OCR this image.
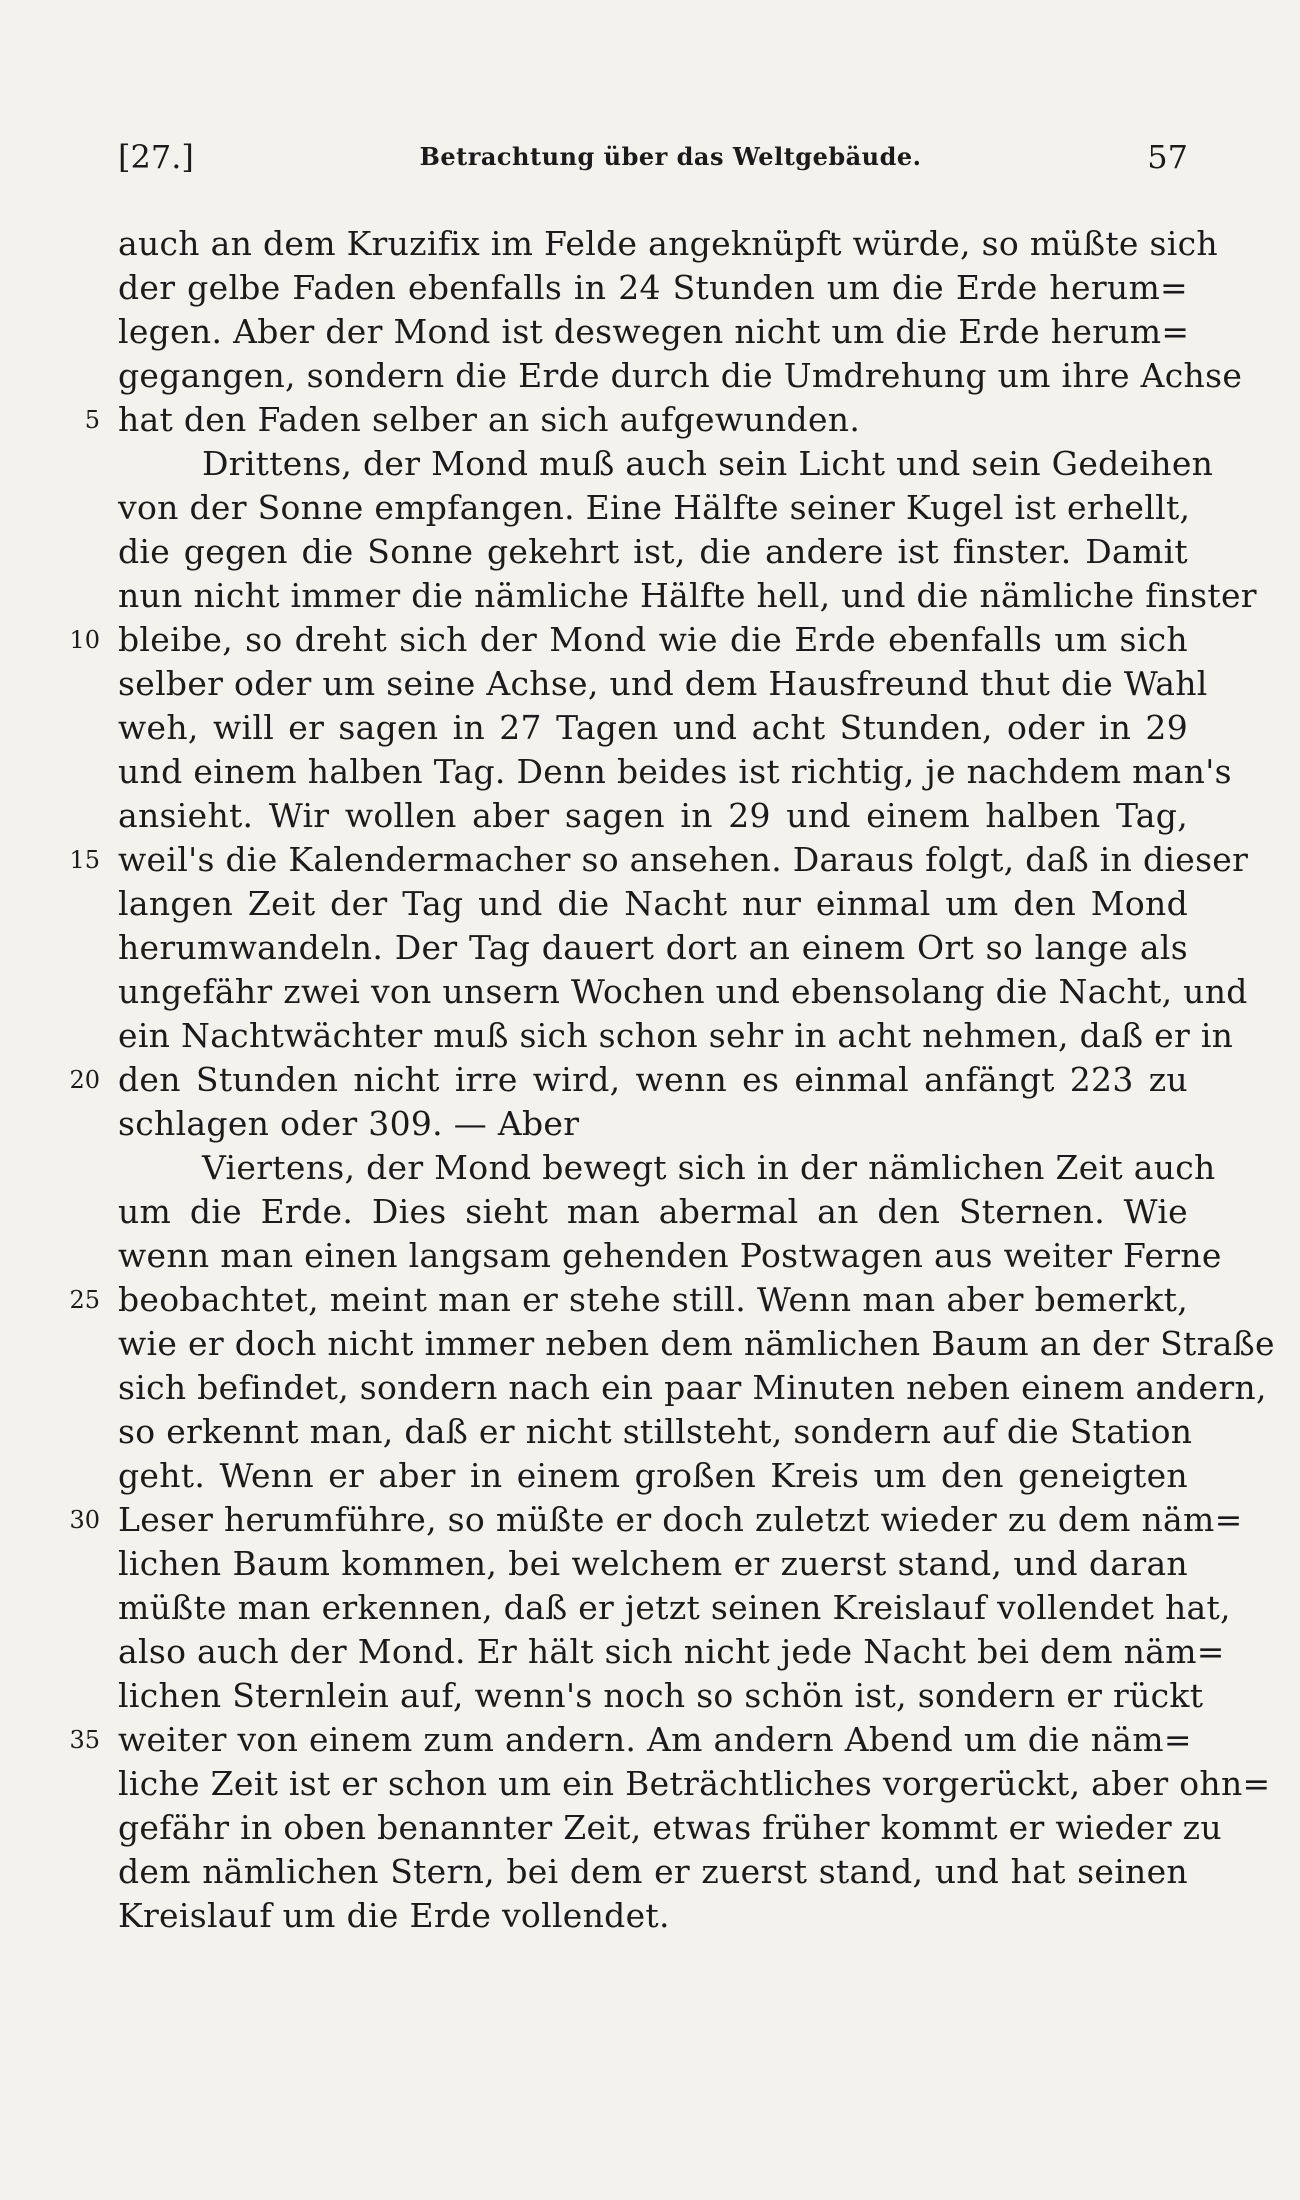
[27.]	Betrachtung über das Weltgebäude.	57
auch an dem Kruzifix im Felde angeknüpft würde, so müßte sich
der gelbe Faden ebenfalls in 24 Stunden um die Erde herum=
legen. Aber der Mond ist deswegen nicht um die Erde herum=
gegangen, sondern die Erde durch die Umdrehung um ihre Achse
5 hat den Faden selber an sich aufgewunden.
Drittens, der Mond muß auch sein Licht und sein Gedeihen
von der Sonne empfangen. Eine Hälfte seiner Kugel ist erhellt,
die gegen die Sonne gekehrt ist, die andere ist finster. Damit
nun nicht immer die nämliche Hälfte hell, und die nämliche finster
10 bleibe, so dreht sich der Mond wie die Erde ebenfalls um sich
selber oder um seine Achse, und dem Hausfreund thut die Wahl
weh, will er sagen in 27 Tagen und acht Stunden, oder in 29
und einem halben Tag. Denn beides ist richtig, je nachdem man's
ansieht. Wir wollen aber sagen in 29 und einem halben Tag,
15 weil's die Kalendermacher so ansehen. Daraus folgt, daß in dieser
langen Zeit der Tag und die Nacht nur einmal um den Mond
herumwandeln. Der Tag dauert dort an einem Ort so lange als
ungefähr zwei von unsern Wochen und ebensolang die Nacht, und
ein Nachtwächter muß sich schon sehr in acht nehmen, daß er in
20 den Stunden nicht irre wird, wenn es einmal anfängt 223 zu
schlagen oder 309. — Aber
Viertens, der Mond bewegt sich in der nämlichen Zeit auch
um die Erde. Dies sieht man abermal an den Sternen. Wie
wenn man einen langsam gehenden Postwagen aus weiter Ferne
25 beobachtet, meint man er stehe still. Wenn man aber bemerkt,
wie er doch nicht immer neben dem nämlichen Baum an der Straße
sich befindet, sondern nach ein paar Minuten neben einem andern,
so erkennt man, daß er nicht stillsteht, sondern auf die Station
geht. Wenn er aber in einem großen Kreis um den geneigten
30 Leser herumführe, so müßte er doch zuletzt wieder zu dem näm=
lichen Baum kommen, bei welchem er zuerst stand, und daran
müßte man erkennen, daß er jetzt seinen Kreislauf vollendet hat,
also auch der Mond. Er hält sich nicht jede Nacht bei dem näm=
lichen Sternlein auf, wenn's noch so schön ist, sondern er rückt
35 weiter von einem zum andern. Am andern Abend um die näm=
liche Zeit ist er schon um ein Beträchtliches vorgerückt, aber ohn=
gefähr in oben benannter Zeit, etwas früher kommt er wieder zu
dem nämlichen Stern, bei dem er zuerst stand, und hat seinen
Kreislauf um die Erde vollendet.
